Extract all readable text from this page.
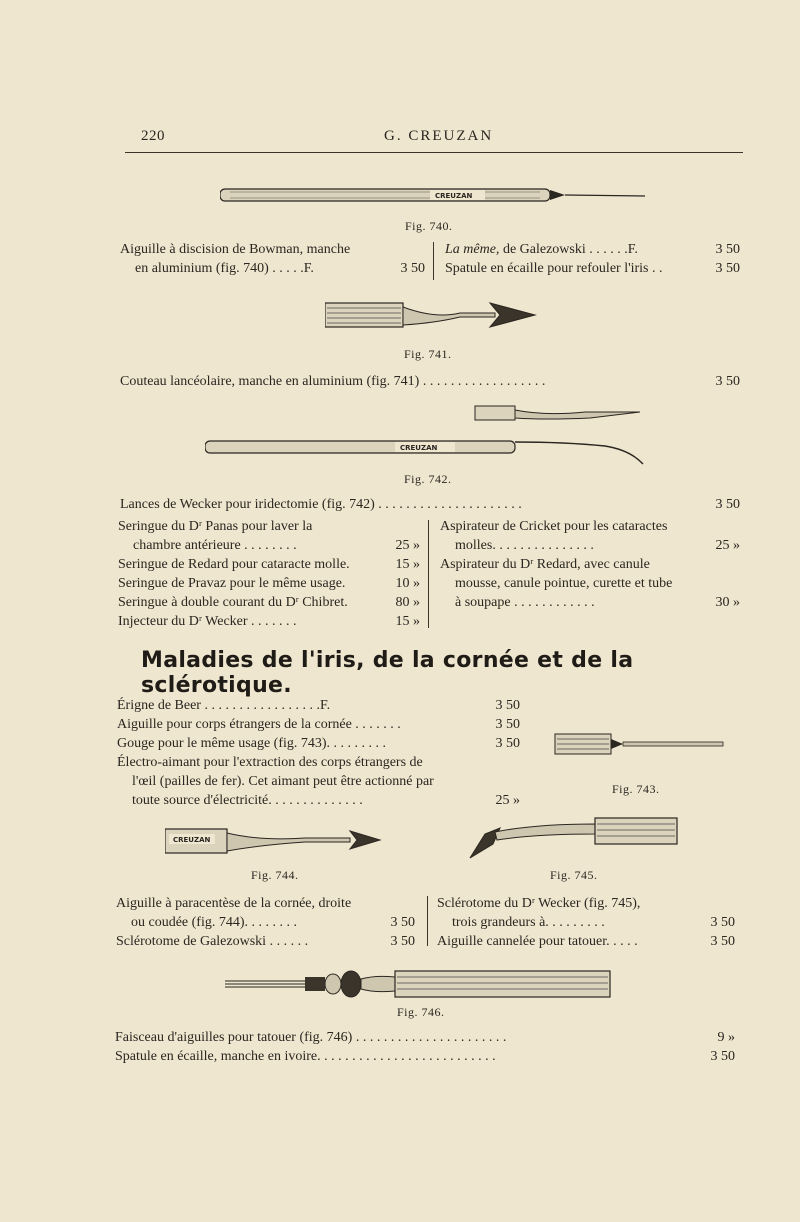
220	G. CREUZAN
CREUZAN
Fig. 740.
Aiguille à discision de Bowman, manche
en aluminium (fig. 740) . . . . .F.	3 50
La même, de Galezowski . . . . . .F.	3 50
Spatule en écaille pour refouler l'iris . .	3 50
Fig. 741.
Couteau lancéolaire, manche en aluminium (fig. 741) . . . . . . . . . . . . . . . . . .	3 50
CREUZAN
Fig. 742.
Lances de Wecker pour iridectomie (fig. 742) . . . . . . . . . . . . . . . . . . . . .	3 50
Seringue du Dʳ Panas pour laver la
chambre antérieure . . . . . . . .	25 »
Seringue de Redard pour cataracte molle.	15 »
Seringue de Pravaz pour le même usage.	10 »
Seringue à double courant du Dʳ Chibret.	80 »
Injecteur du Dʳ Wecker . . . . . . .	15 »
Aspirateur de Cricket pour les cataractes
molles. . . . . . . . . . . . . . .	25 »
Aspirateur du Dʳ Redard, avec canule
mousse, canule pointue, curette et tube
à soupape . . . . . . . . . . . .	30 »
Maladies de l'iris, de la cornée et de la sclérotique.
Érigne de Beer . . . . . . . . . . . . . . . . .F.	3 50
Aiguille pour corps étrangers de la cornée . . . . . . .	3 50
Gouge pour le même usage (fig. 743). . . . . . . . .	3 50
Électro-aimant pour l'extraction des corps étrangers de
l'œil (pailles de fer). Cet aimant peut être actionné par
toute source d'électricité. . . . . . . . . . . . . .	25 »
Fig. 743.
CREUZAN
Fig. 744.	Fig. 745.
Aiguille à paracentèse de la cornée, droite
ou coudée (fig. 744). . . . . . . .	3 50
Sclérotome de Galezowski . . . . . .	3 50
Sclérotome du Dʳ Wecker (fig. 745),
trois grandeurs à. . . . . . . . .	3 50
Aiguille cannelée pour tatouer. . . . .	3 50
Fig. 746.
Faisceau d'aiguilles pour tatouer (fig. 746) . . . . . . . . . . . . . . . . . . . . . .	9 »
Spatule en écaille, manche en ivoire. . . . . . . . . . . . . . . . . . . . . . . . . .	3 50
